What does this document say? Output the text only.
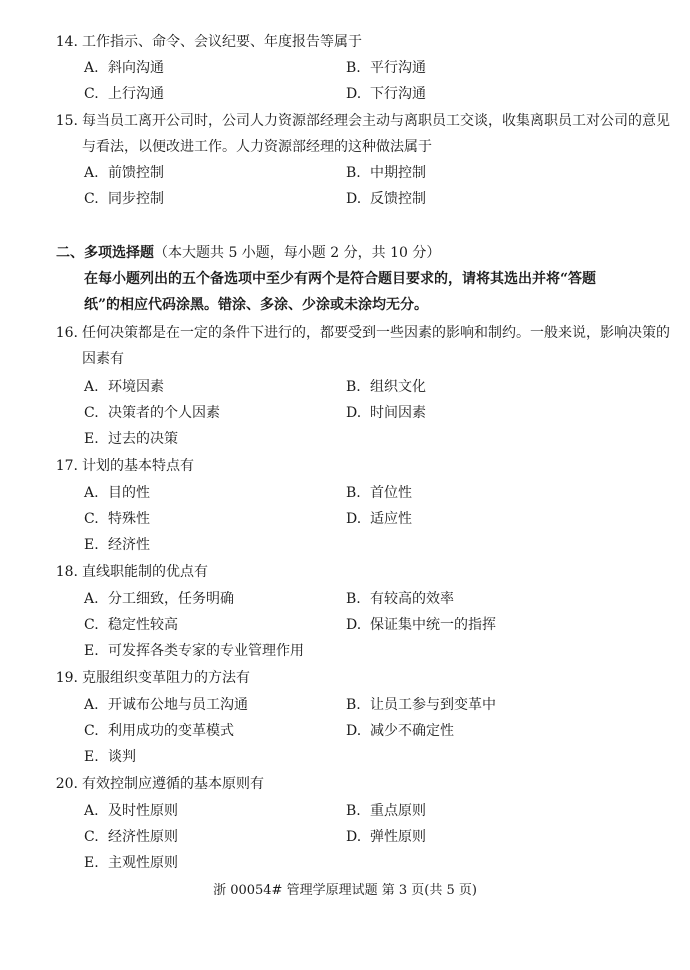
14. 工作指示、命令、会议纪要、年度报告等属于
A. 斜向沟通	B. 平行沟通
C. 上行沟通	D. 下行沟通
15. 每当员工离开公司时，公司人力资源部经理会主动与离职员工交谈，收集离职员工对公司的意见与看法，以便改进工作。人力资源部经理的这种做法属于
A. 前馈控制	B. 中期控制
C. 同步控制	D. 反馈控制
二、多项选择题（本大题共 5 小题，每小题 2 分，共 10 分）
在每小题列出的五个备选项中至少有两个是符合题目要求的，请将其选出并将“答题纸”的相应代码涂黑。错涂、多涂、少涂或未涂均无分。
16. 任何决策都是在一定的条件下进行的，都要受到一些因素的影响和制约。一般来说，影响决策的因素有
A. 环境因素	B. 组织文化
C. 决策者的个人因素	D. 时间因素
E. 过去的决策
17. 计划的基本特点有
A. 目的性	B. 首位性
C. 特殊性	D. 适应性
E. 经济性
18. 直线职能制的优点有
A. 分工细致，任务明确	B. 有较高的效率
C. 稳定性较高	D. 保证集中统一的指挥
E. 可发挥各类专家的专业管理作用
19. 克服组织变革阻力的方法有
A. 开诚布公地与员工沟通	B. 让员工参与到变革中
C. 利用成功的变革模式	D. 减少不确定性
E. 谈判
20. 有效控制应遵循的基本原则有
A. 及时性原则	B. 重点原则
C. 经济性原则	D. 弹性原则
E. 主观性原则
浙 00054# 管理学原理试题 第 3 页(共 5 页)
